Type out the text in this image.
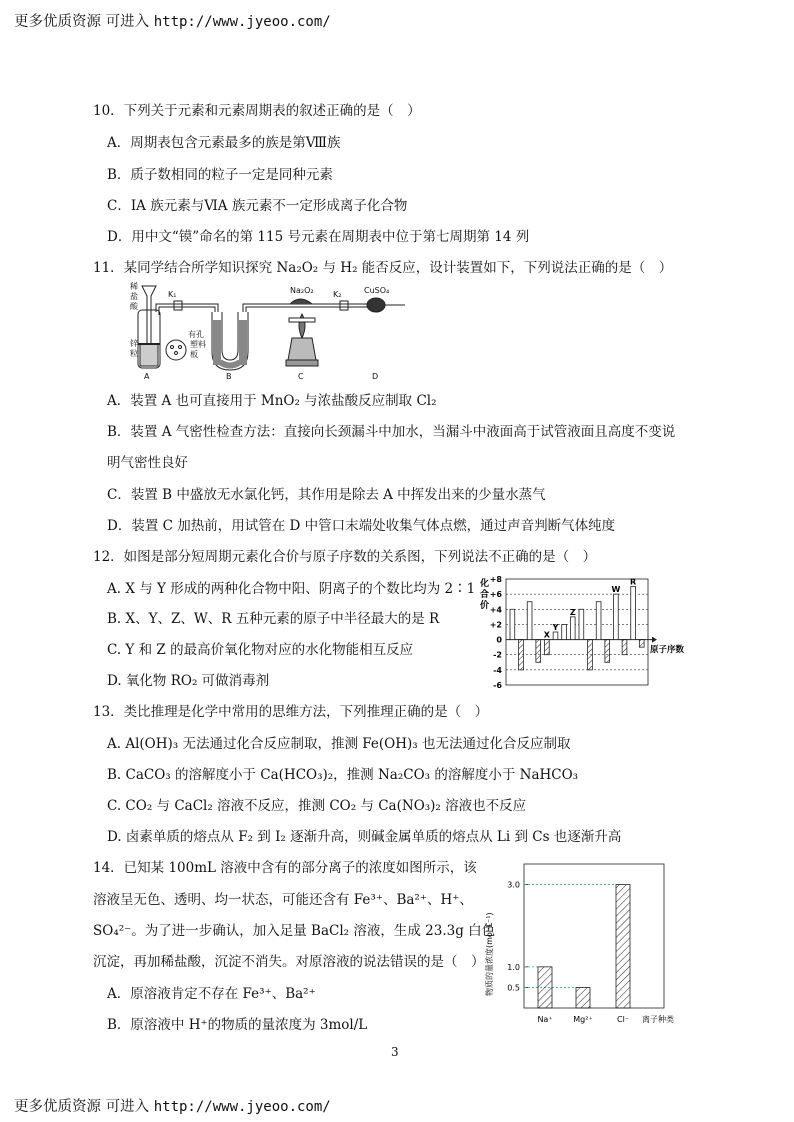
更多优质资源 可进入 http://www.jyeoo.com/
10．下列关于元素和元素周期表的叙述正确的是（　）
A．周期表包含元素最多的族是第Ⅷ族
B．质子数相同的粒子一定是同种元素
C．ⅠA 族元素与ⅥA 族元素不一定形成离子化合物
D．用中文“镆”命名的第 115 号元素在周期表中位于第七周期第 14 列
11．某同学结合所学知识探究 Na₂O₂ 与 H₂ 能否反应，设计装置如下，下列说法正确的是（　）
稀
盐
酸
锌
粒
有孔
塑料
板
K₁	Na₂O₂ K₂	CuSO₄
A	B	C	D
A．装置 A 也可直接用于 MnO₂ 与浓盐酸反应制取 Cl₂
B．装置 A 气密性检查方法：直接向长颈漏斗中加水，当漏斗中液面高于试管液面且高度不变说
明气密性良好
C．装置 B 中盛放无水氯化钙，其作用是除去 A 中挥发出来的少量水蒸气
D．装置 C 加热前，用试管在 D 中管口末端处收集气体点燃，通过声音判断气体纯度
12．如图是部分短周期元素化合价与原子序数的关系图，下列说法不正确的是（　）
A. X 与 Y 形成的两种化合物中阳、阴离子的个数比均为 2∶1
B. X、Y、Z、W、R 五种元素的原子中半径最大的是 R
C. Y 和 Z 的最高价氧化物对应的水化物能相互反应
D. 氧化物 RO₂ 可做消毒剂
化
合
价
+8
+6
+4
+2
0
-2
-4
-6
X
Y
Z
W
R
原子序数
13．类比推理是化学中常用的思维方法，下列推理正确的是（　）
A. Al(OH)₃ 无法通过化合反应制取，推测 Fe(OH)₃ 也无法通过化合反应制取
B. CaCO₃ 的溶解度小于 Ca(HCO₃)₂，推测 Na₂CO₃ 的溶解度小于 NaHCO₃
C. CO₂ 与 CaCl₂ 溶液不反应，推测 CO₂ 与 Ca(NO₃)₂ 溶液也不反应
D. 卤素单质的熔点从 F₂ 到 I₂ 逐渐升高，则碱金属单质的熔点从 Li 到 Cs 也逐渐升高
14．已知某 100mL 溶液中含有的部分离子的浓度如图所示，该
溶液呈无色、透明、均一状态，可能还含有 Fe³⁺、Ba²⁺、H⁺、
SO₄²⁻。为了进一步确认，加入足量 BaCl₂ 溶液，生成 23.3g 白色
沉淀，再加稀盐酸，沉淀不消失。对原溶液的说法错误的是（　）
A．原溶液肯定不存在 Fe³⁺、Ba²⁺
B．原溶液中 H⁺的物质的量浓度为 3mol/L
物质的量浓度(mol·L⁻¹)
3.0
1.0
0.5
Na⁺	Mg²⁺	Cl⁻ 离子种类
3
更多优质资源 可进入 http://www.jyeoo.com/
